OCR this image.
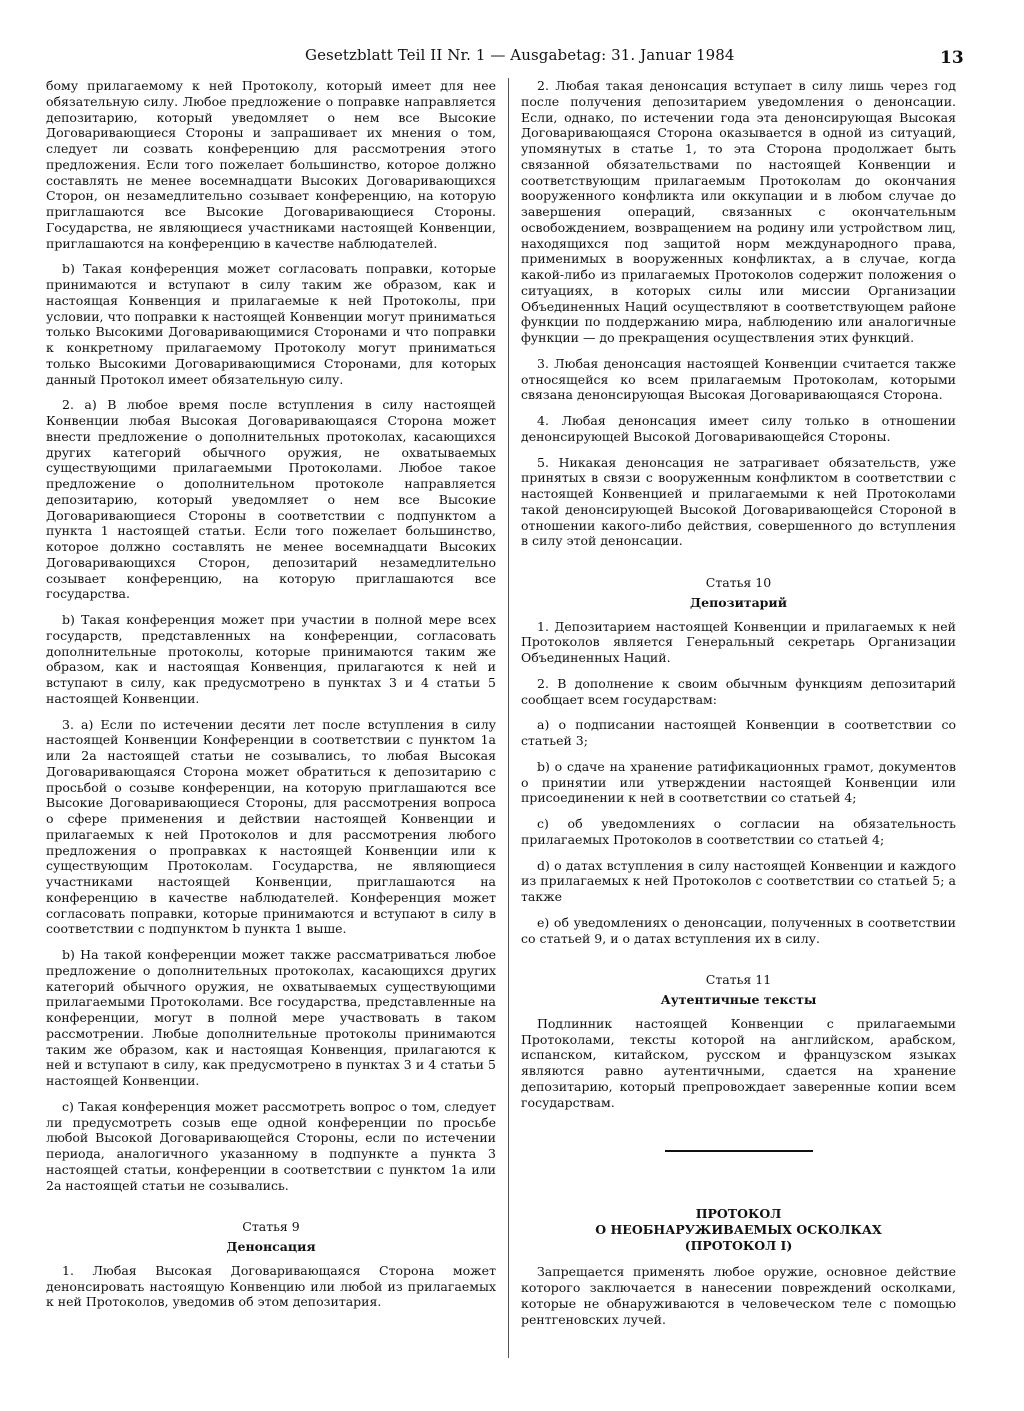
Gesetzblatt Teil II Nr. 1 — Ausgabetag: 31. Januar 1984	13

бому прилагаемому к ней Протоколу, который имеет для нее обязательную силу. Любое предложение о поправке направляется депозитарию, который уведомляет о нем все Высокие Договаривающиеся Стороны и запрашивает их мнения о том, следует ли созвать конференцию для рассмотрения этого предложения. Если того пожелает большинство, которое должно составлять не менее восемнадцати Высоких Договаривающихся Сторон, он незамедлительно созывает конференцию, на которую приглашаются все Высокие Договаривающиеся Стороны. Государства, не являющиеся участниками настоящей Конвенции, приглашаются на конференцию в качестве наблюдателей.

b) Такая конференция может согласовать поправки, которые принимаются и вступают в силу таким же образом, как и настоящая Конвенция и прилагаемые к ней Протоколы, при условии, что поправки к настоящей Конвенции могут приниматься только Высокими Договаривающимися Сторонами и что поправки к конкретному прилагаемому Протоколу могут приниматься только Высокими Договаривающимися Сторонами, для которых данный Протокол имеет обязательную силу.

2. a) В любое время после вступления в силу настоящей Конвенции любая Высокая Договаривающаяся Сторона может внести предложение о дополнительных протоколах, касающихся других категорий обычного оружия, не охватываемых существующими прилагаемыми Протоколами. Любое такое предложение о дополнительном протоколе направляется депозитарию, который уведомляет о нем все Высокие Договаривающиеся Стороны в соответствии с подпунктом a пункта 1 настоящей статьи. Если того пожелает большинство, которое должно составлять не менее восемнадцати Высоких Договаривающихся Сторон, депозитарий незамедлительно созывает конференцию, на которую приглашаются все государства.

b) Такая конференция может при участии в полной мере всех государств, представленных на конференции, согласовать дополнительные протоколы, которые принимаются таким же образом, как и настоящая Конвенция, прилагаются к ней и вступают в силу, как предусмотрено в пунктах 3 и 4 статьи 5 настоящей Конвенции.

3. a) Если по истечении десяти лет после вступления в силу настоящей Конвенции Конференции в соответствии с пунктом 1a или 2a настоящей статьи не созывались, то любая Высокая Договаривающаяся Сторона может обратиться к депозитарию с просьбой о созыве конференции, на которую приглашаются все Высокие Договаривающиеся Стороны, для рассмотрения вопроса о сфере применения и действии настоящей Конвенции и прилагаемых к ней Протоколов и для рассмотрения любого предложения о проправках к настоящей Конвенции или к существующим Протоколам. Государства, не являющиеся участниками настоящей Конвенции, приглашаются на конференцию в качестве наблюдателей. Конференция может согласовать поправки, которые принимаются и вступают в силу в соответствии с подпунктом b пункта 1 выше.

b) На такой конференции может также рассматриваться любое предложение о дополнительных протоколах, касающихся других категорий обычного оружия, не охватываемых существующими прилагаемыми Протоколами. Все государства, представленные на конференции, могут в полной мере участвовать в таком рассмотрении. Любые дополнительные протоколы принимаются таким же образом, как и настоящая Конвенция, прилагаются к ней и вступают в силу, как предусмотрено в пунктах 3 и 4 статьи 5 настоящей Конвенции.

c) Такая конференция может рассмотреть вопрос о том, следует ли предусмотреть созыв еще одной конференции по просьбе любой Высокой Договаривающейся Стороны, если по истечении периода, аналогичного указанному в подпункте a пункта 3 настоящей статьи, конференции в соответствии с пунктом 1a или 2a настоящей статьи не созывались.

Статья 9
Денонсация

1. Любая Высокая Договаривающаяся Сторона может денонсировать настоящую Конвенцию или любой из прилагаемых к ней Протоколов, уведомив об этом депозитария.

2. Любая такая денонсация вступает в силу лишь через год после получения депозитарием уведомления о денонсации. Если, однако, по истечении года эта денонсирующая Высокая Договаривающаяся Сторона оказывается в одной из ситуаций, упомянутых в статье 1, то эта Сторона продолжает быть связанной обязательствами по настоящей Конвенции и соответствующим прилагаемым Протоколам до окончания вооруженного конфликта или оккупации и в любом случае до завершения операций, связанных с окончательным освобождением, возвращением на родину или устройством лиц, находящихся под защитой норм международного права, применимых в вооруженных конфликтах, а в случае, когда какой-либо из прилагаемых Протоколов содержит положения о ситуациях, в которых силы или миссии Организации Объединенных Наций осуществляют в соответствующем районе функции по поддержанию мира, наблюдению или аналогичные функции — до прекращения осуществления этих функций.

3. Любая денонсация настоящей Конвенции считается также относящейся ко всем прилагаемым Протоколам, которыми связана денонсирующая Высокая Договаривающаяся Сторона.

4. Любая денонсация имеет силу только в отношении денонсирующей Высокой Договаривающейся Стороны.

5. Никакая денонсация не затрагивает обязательств, уже принятых в связи с вооруженным конфликтом в соответствии с настоящей Конвенцией и прилагаемыми к ней Протоколами такой денонсирующей Высокой Договаривающейся Стороной в отношении какого-либо действия, совершенного до вступления в силу этой денонсации.

Статья 10
Депозитарий

1. Депозитарием настоящей Конвенции и прилагаемых к ней Протоколов является Генеральный секретарь Организации Объединенных Наций.

2. В дополнение к своим обычным функциям депозитарий сообщает всем государствам:

a) о подписании настоящей Конвенции в соответствии со статьей 3;

b) о сдаче на хранение ратификационных грамот, документов о принятии или утверждении настоящей Конвенции или присоединении к ней в соответствии со статьей 4;

c) об уведомлениях о согласии на обязательность прилагаемых Протоколов в соответствии со статьей 4;

d) о датах вступления в силу настоящей Конвенции и каждого из прилагаемых к ней Протоколов с соответствии со статьей 5; а также

e) об уведомлениях о денонсации, полученных в соответствии со статьей 9, и о датах вступления их в силу.

Статья 11
Аутентичные тексты

Подлинник настоящей Конвенции с прилагаемыми Протоколами, тексты которой на английском, арабском, испанском, китайском, русском и французском языках являются равно аутентичными, сдается на хранение депозитарию, который препровождает заверенные копии всем государствам.

ПРОТОКОЛ
О НЕОБНАРУЖИВАЕМЫХ ОСКОЛКАХ
(ПРОТОКОЛ I)

Запрещается применять любое оружие, основное действие которого заключается в нанесении повреждений осколками, которые не обнаруживаются в человеческом теле с помощью рентгеновских лучей.
